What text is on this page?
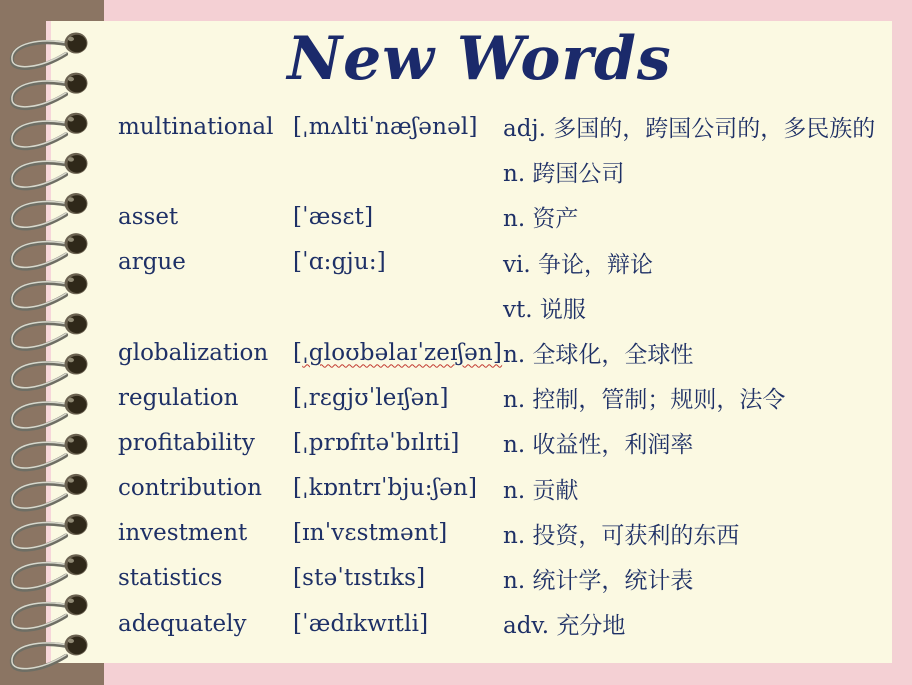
New Words
multinational [ˌmʌltiˈnæʃənəl]	adj. 多国的，跨国公司的，多民族的
n. 跨国公司
asset	[ˈæsɛt]	n. 资产
argue	[ˈɑ:gju:]	vi. 争论，辩论
vt. 说服
globalization	[ˌgloʊbəlaɪˈzeɪʃən] n. 全球化，全球性
regulation	[ˌrɛgjʊˈleɪʃən]	n. 控制，管制；规则，法令
profitability	[ˌprɒfɪtəˈbɪlɪti]	n. 收益性，利润率
contribution	[ˌkɒntrɪˈbju:ʃən]	n. 贡献
investment	[ɪnˈvɛstmənt]	n. 投资，可获利的东西
statistics	[stəˈtɪstɪks]	n. 统计学，统计表
adequately	[ˈædɪkwɪtli]	adv. 充分地
